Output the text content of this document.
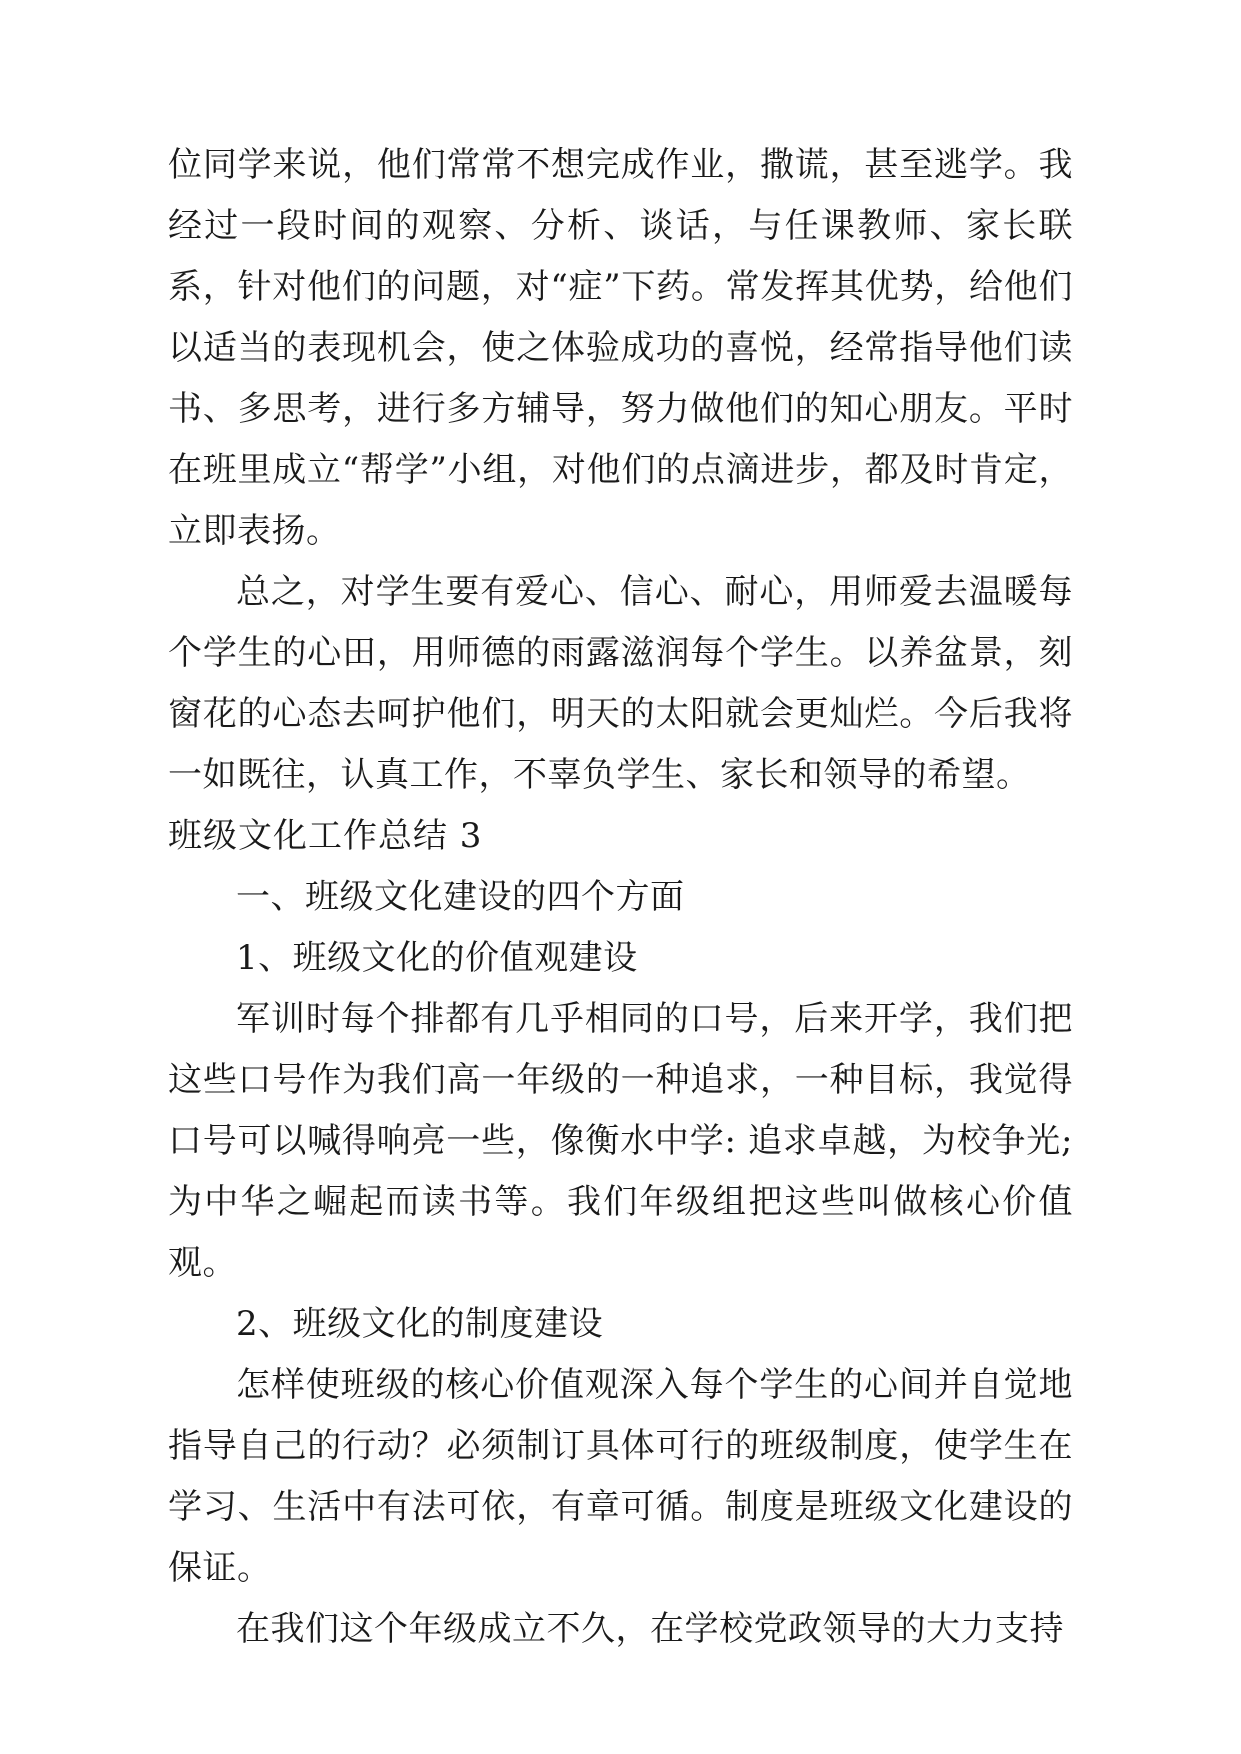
位同学来说，他们常常不想完成作业，撒谎，甚至逃学。我经过一段时间的观察、分析、谈话，与任课教师、家长联系，针对他们的问题，对“症”下药。常发挥其优势，给他们以适当的表现机会，使之体验成功的喜悦，经常指导他们读书、多思考，进行多方辅导，努力做他们的知心朋友。平时在班里成立“帮学”小组，对他们的点滴进步，都及时肯定，立即表扬。

总之，对学生要有爱心、信心、耐心，用师爱去温暖每个学生的心田，用师德的雨露滋润每个学生。以养盆景，刻窗花的心态去呵护他们，明天的太阳就会更灿烂。今后我将一如既往，认真工作，不辜负学生、家长和领导的希望。

班级文化工作总结 3

一、班级文化建设的四个方面

1、班级文化的价值观建设

军训时每个排都有几乎相同的口号，后来开学，我们把这些口号作为我们高一年级的一种追求，一种目标，我觉得口号可以喊得响亮一些，像衡水中学: 追求卓越，为校争光; 为中华之崛起而读书等。我们年级组把这些叫做核心价值观。

2、班级文化的制度建设

怎样使班级的核心价值观深入每个学生的心间并自觉地指导自己的行动？必须制订具体可行的班级制度，使学生在学习、生活中有法可依，有章可循。制度是班级文化建设的保证。

在我们这个年级成立不久，在学校党政领导的大力支持
